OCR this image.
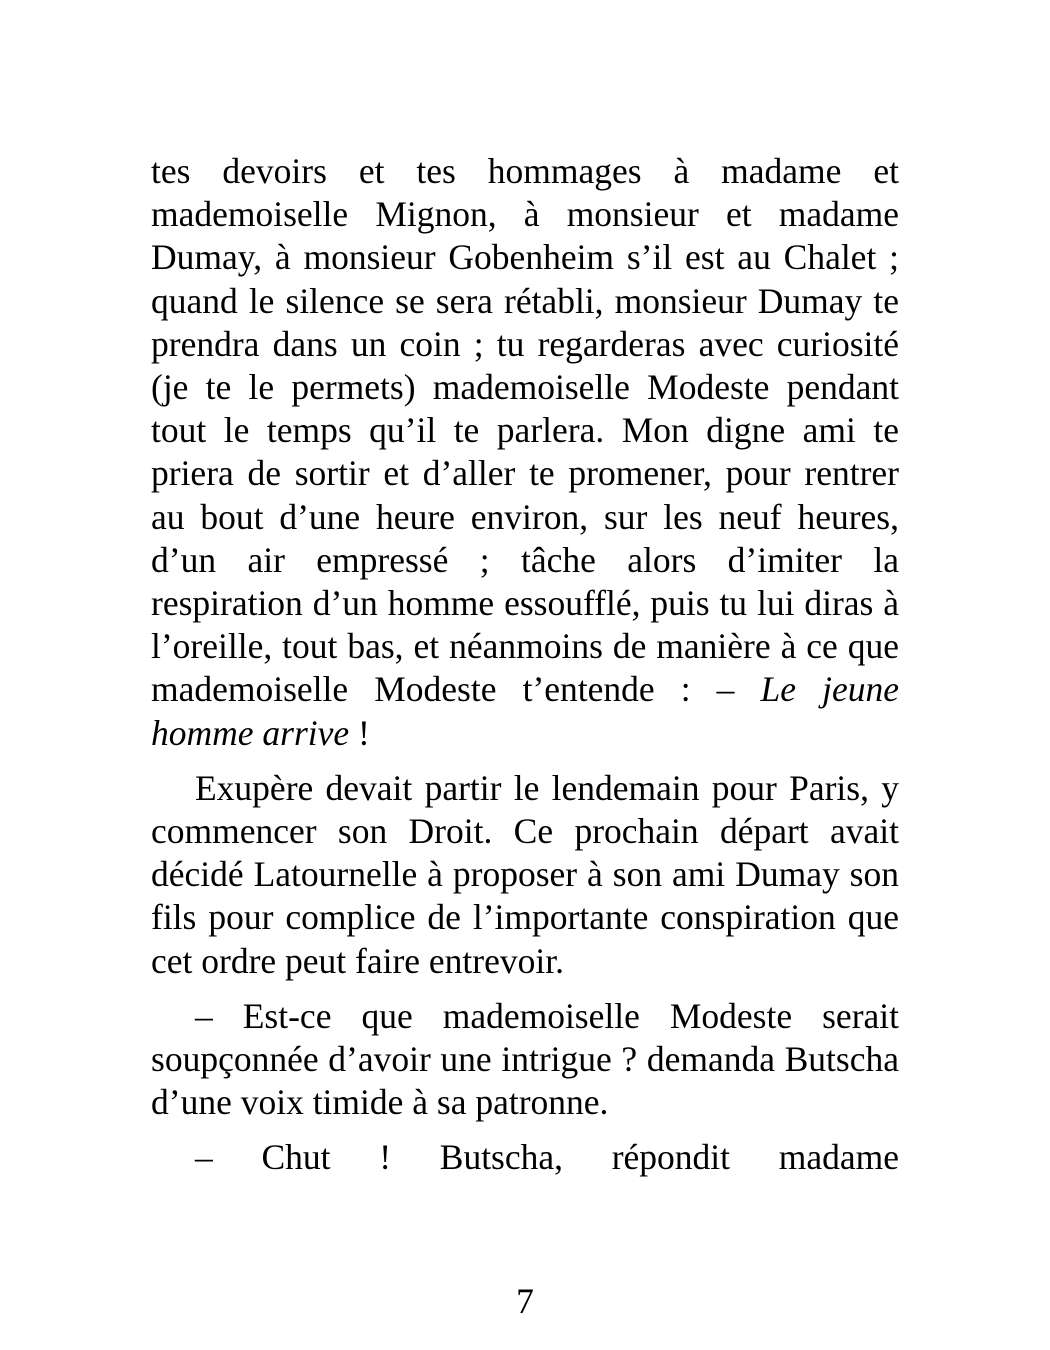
tes devoirs et tes hommages à madame et mademoiselle Mignon, à monsieur et madame Dumay, à monsieur Gobenheim s’il est au Chalet ; quand le silence se sera rétabli, monsieur Dumay te prendra dans un coin ; tu regarderas avec curiosité (je te le permets) mademoiselle Modeste pendant tout le temps qu’il te parlera. Mon digne ami te priera de sortir et d’aller te promener, pour rentrer au bout d’une heure environ, sur les neuf heures, d’un air empressé ; tâche alors d’imiter la respiration d’un homme essoufflé, puis tu lui diras à l’oreille, tout bas, et néanmoins de manière à ce que mademoiselle Modeste t’entende : – Le jeune homme arrive !

Exupère devait partir le lendemain pour Paris, y commencer son Droit. Ce prochain départ avait décidé Latournelle à proposer à son ami Dumay son fils pour complice de l’importante conspiration que cet ordre peut faire entrevoir.

– Est-ce que mademoiselle Modeste serait soupçonnée d’avoir une intrigue ? demanda Butscha d’une voix timide à sa patronne.

– Chut ! Butscha, répondit madame

7
